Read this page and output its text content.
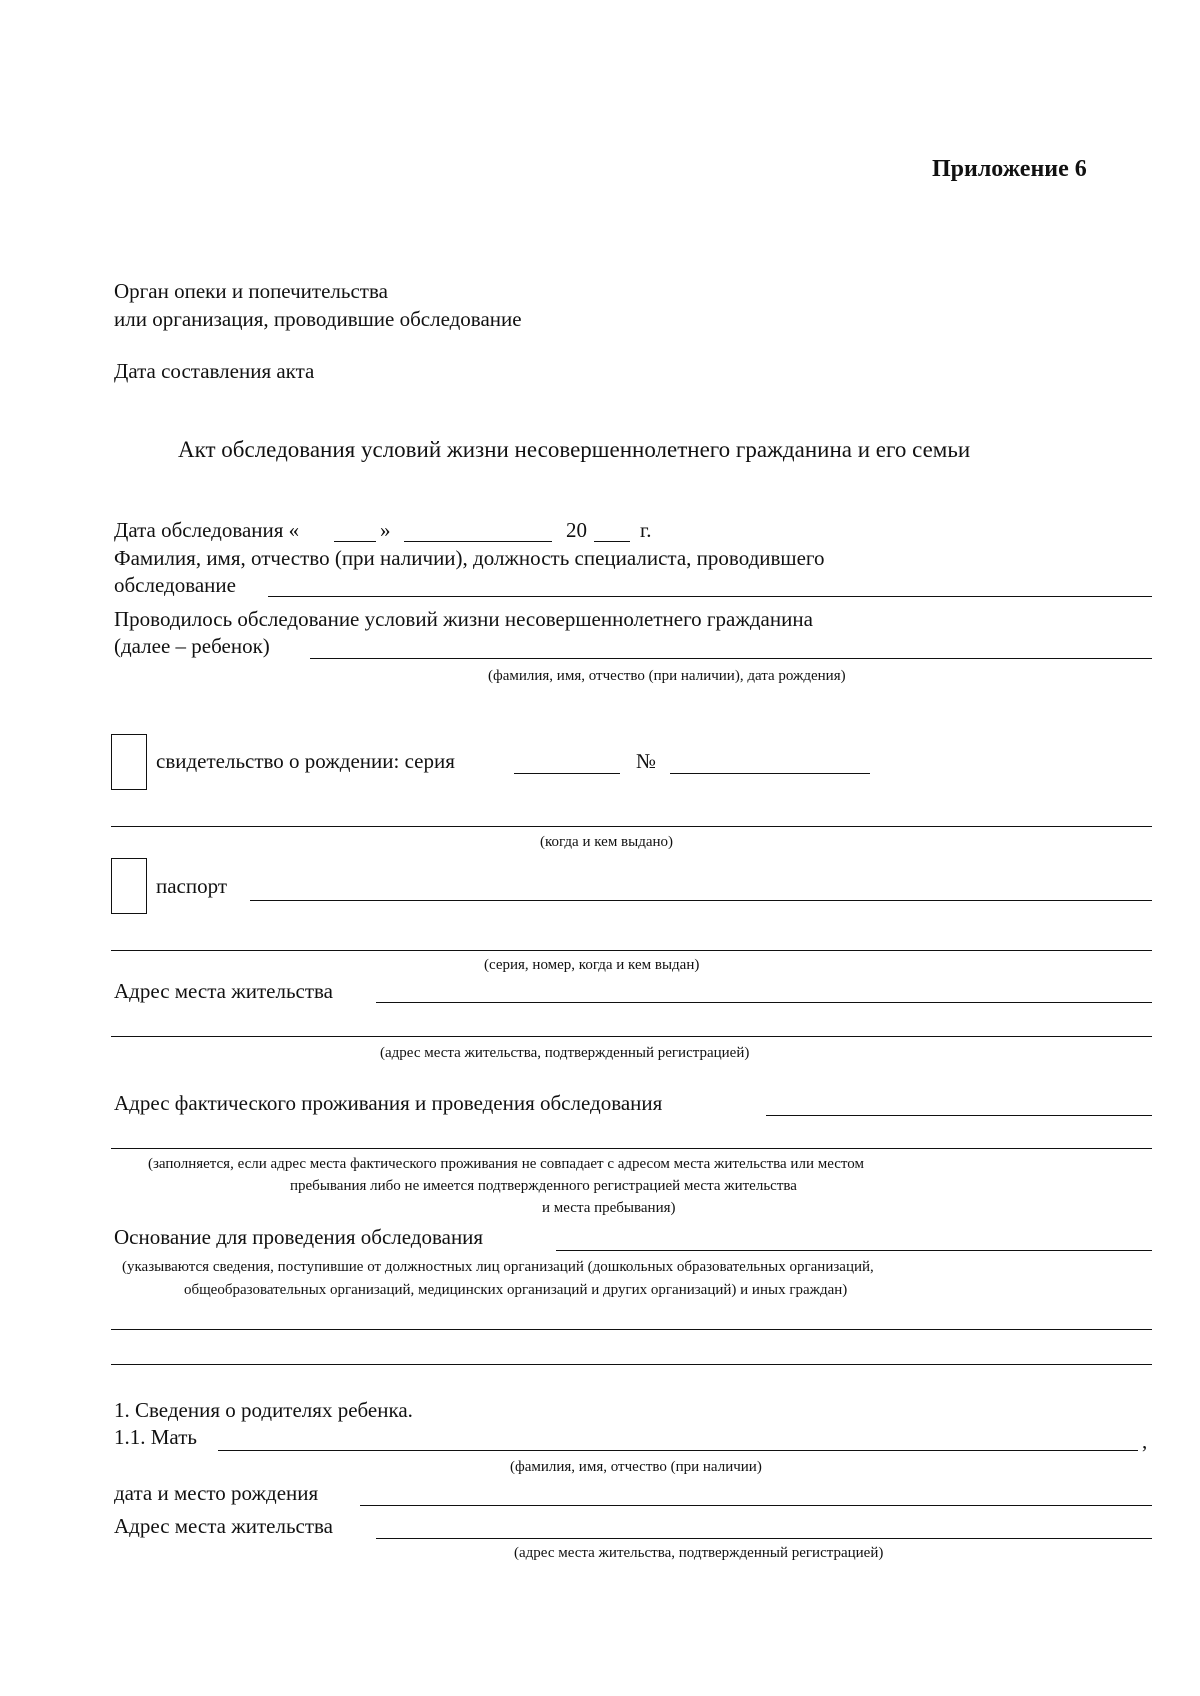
Приложение 6
Орган опеки и попечительства
или организация, проводившие обследование
Дата составления акта
Акт обследования условий жизни несовершеннолетнего гражданина и его семьи
Дата обследования «	»	20	г.
Фамилия, имя, отчество (при наличии), должность специалиста, проводившего
обследование
Проводилось обследование условий жизни несовершеннолетнего гражданина
(далее – ребенок)
(фамилия, имя, отчество (при наличии), дата рождения)
свидетельство о рождении: серия	№
(когда и кем выдано)
паспорт
(серия, номер, когда и кем выдан)
Адрес места жительства
(адрес места жительства, подтвержденный регистрацией)
Адрес фактического проживания и проведения обследования
(заполняется, если адрес места фактического проживания не совпадает с адресом места жительства или местом
пребывания либо не имеется подтвержденного регистрацией места жительства
и места пребывания)
Основание для проведения обследования
(указываются сведения, поступившие от должностных лиц организаций (дошкольных образовательных организаций,
общеобразовательных организаций, медицинских организаций и других организаций) и иных граждан)
1. Сведения о родителях ребенка.
1.1. Мать	,
(фамилия, имя, отчество (при наличии)
дата и место рождения
Адрес места жительства
(адрес места жительства, подтвержденный регистрацией)
